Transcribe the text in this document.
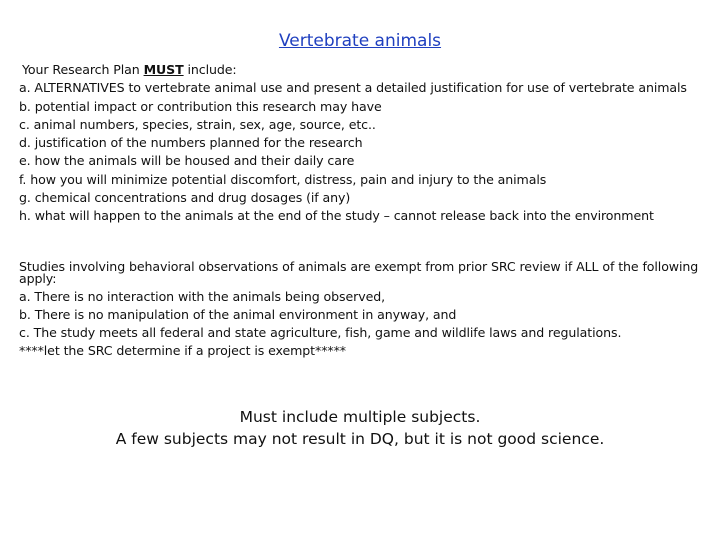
Vertebrate animals
Your Research Plan MUST include:
a. ALTERNATIVES to vertebrate animal use and present a detailed justification for use of vertebrate animals
b. potential impact or contribution this research may have
c. animal numbers, species, strain, sex, age, source, etc..
d. justification of the numbers planned for the research
e. how the animals will be housed and their daily care
f. how you will minimize potential discomfort, distress, pain and injury to the animals
g. chemical concentrations and drug dosages (if any)
h. what will happen to the animals at the end of the study – cannot release back into the environment
Studies involving behavioral observations of animals are exempt from prior SRC review if ALL of the following apply:
a. There is no interaction with the animals being observed,
b. There is no manipulation of the animal environment in anyway, and
c. The study meets all federal and state agriculture, fish, game and wildlife laws and regulations.
****let the SRC determine if a project is exempt*****
Must include multiple subjects.
A few subjects may not result in DQ, but it is not good science.
